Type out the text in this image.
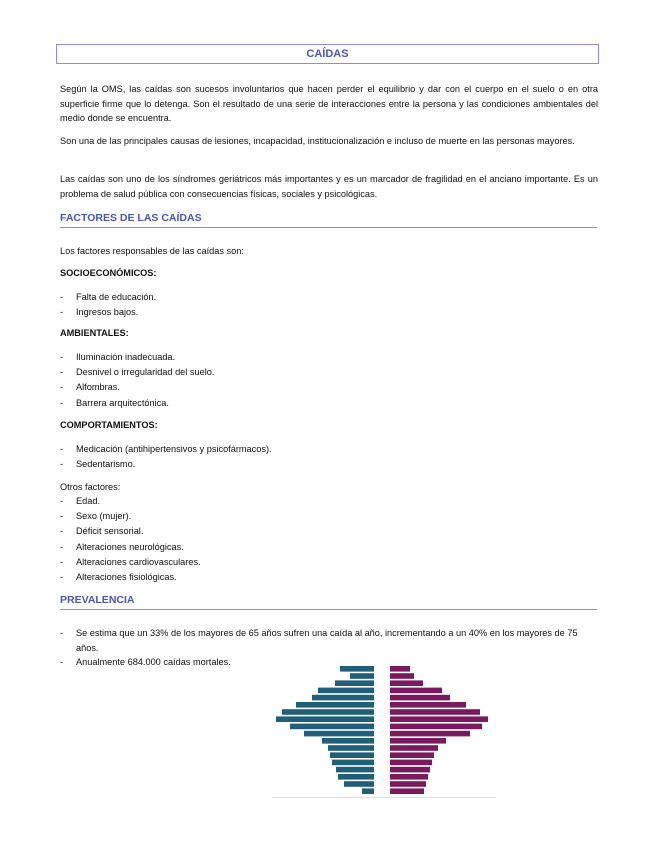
CAÍDAS
Según la OMS, las caídas son sucesos involuntarios que hacen perder el equilibrio y dar con el cuerpo en el suelo o en otra superficie firme que lo detenga. Son el resultado de una serie de interacciones entre la persona y las condiciones ambientales del medio donde se encuentra.
Son una de las principales causas de lesiones, incapacidad, institucionalización e incluso de muerte en las personas mayores.
Las caídas son uno de los síndromes geriátricos más importantes y es un marcador de fragilidad en el anciano importante. Es un problema de salud pública con consecuencias físicas, sociales y psicológicas.
FACTORES DE LAS CAÍDAS
Los factores responsables de las caídas son:
SOCIOECONÓMICOS:
- Falta de educación.
- Ingresos bajos.
AMBIENTALES:
- Iluminación inadecuada.
- Desnivel o irregularidad del suelo.
- Alfombras.
- Barrera arquitectónica.
COMPORTAMIENTOS:
- Medicación (antihipertensivos y psicofármacos).
- Sedentarismo.
Otros factores:
- Edad.
- Sexo (mujer).
- Déficit sensorial.
- Alteraciones neurológicas.
- Alteraciones cardiovasculares.
- Alteraciones fisiológicas.
PREVALENCIA
- Se estima que un 33% de los mayores de 65 años sufren una caída al año, incrementando a un 40% en los mayores de 75 años.
- Anualmente 684.000 caídas mortales.
